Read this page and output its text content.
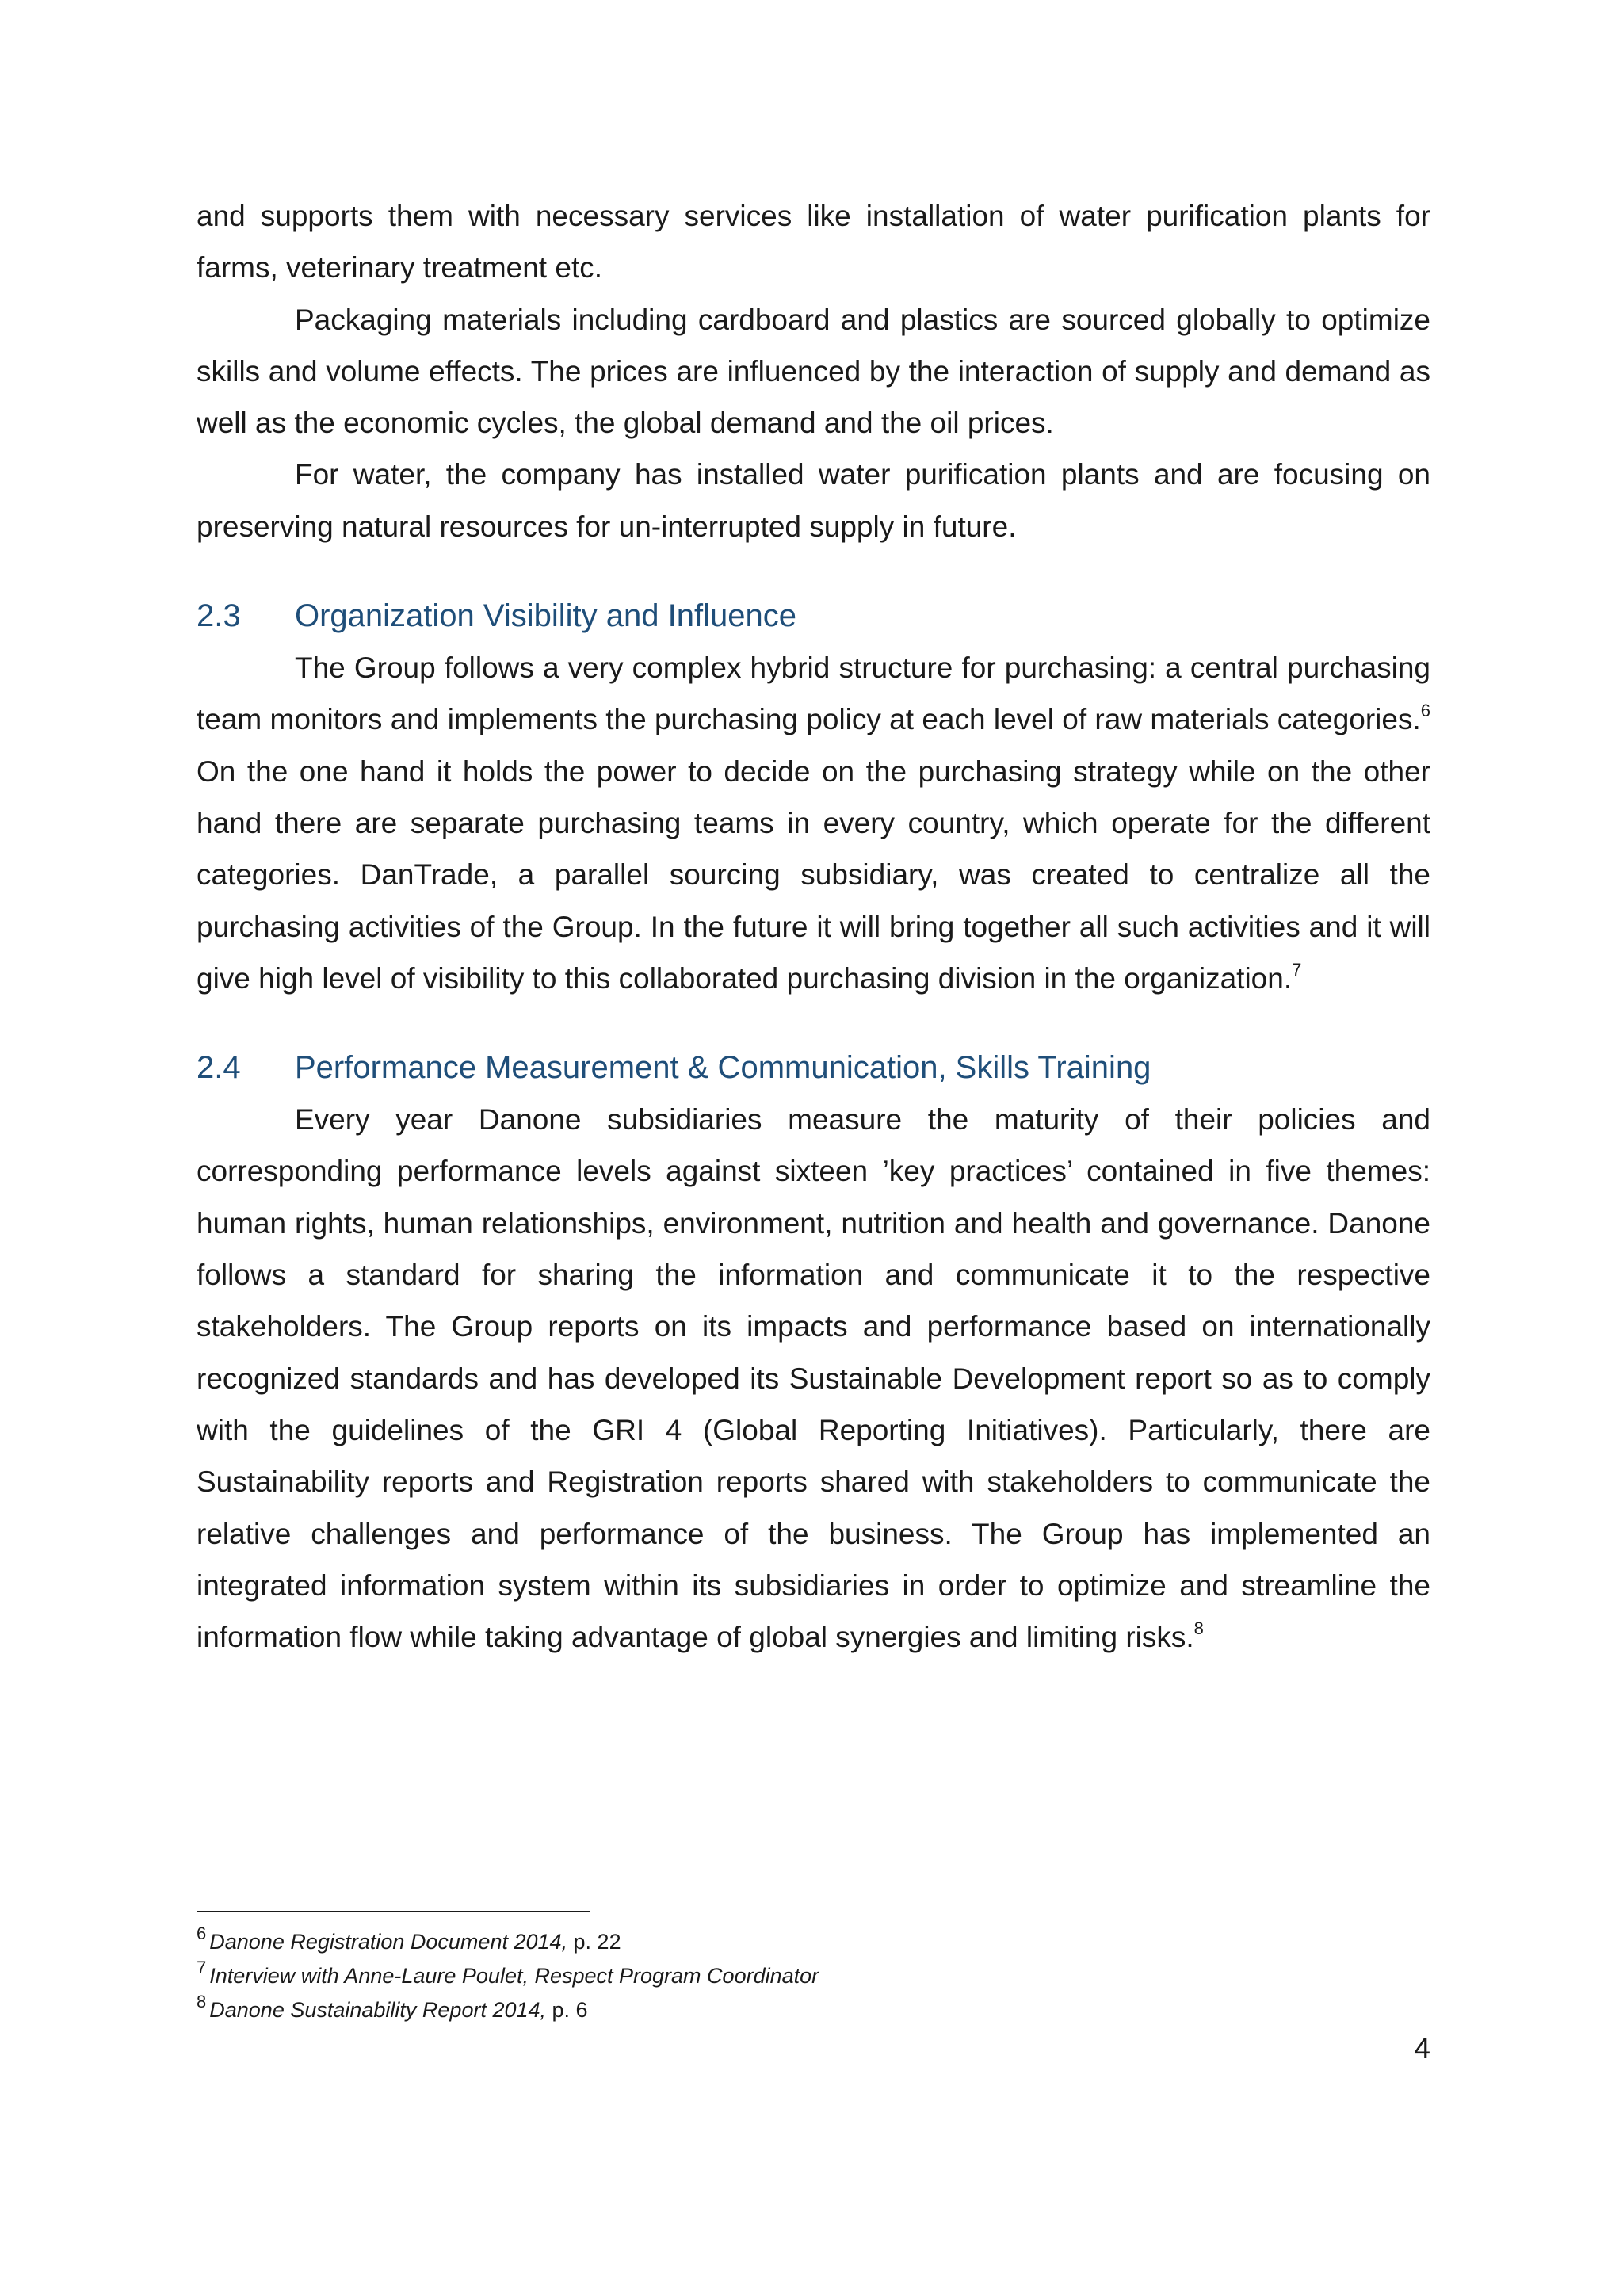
and supports them with necessary services like installation of water purification plants for farms, veterinary treatment etc.

Packaging materials including cardboard and plastics are sourced globally to optimize skills and volume effects. The prices are influenced by the interaction of supply and demand as well as the economic cycles, the global demand and the oil prices.

For water, the company has installed water purification plants and are focusing on preserving natural resources for un-interrupted supply in future.

2.3 Organization Visibility and Influence

The Group follows a very complex hybrid structure for purchasing: a central purchasing team monitors and implements the purchasing policy at each level of raw materials categories.$^6$ On the one hand it holds the power to decide on the purchasing strategy while on the other hand there are separate purchasing teams in every country, which operate for the different categories. DanTrade, a parallel sourcing subsidiary, was created to centralize all the purchasing activities of the Group. In the future it will bring together all such activities and it will give high level of visibility to this collaborated purchasing division in the organization.$^7$

2.4 Performance Measurement & Communication, Skills Training

Every year Danone subsidiaries measure the maturity of their policies and corresponding performance levels against sixteen ’key practices’ contained in five themes: human rights, human relationships, environment, nutrition and health and governance. Danone follows a standard for sharing the information and communicate it to the respective stakeholders. The Group reports on its impacts and performance based on internationally recognized standards and has developed its Sustainable Development report so as to comply with the guidelines of the GRI 4 (Global Reporting Initiatives). Particularly, there are Sustainability reports and Registration reports shared with stakeholders to communicate the relative challenges and performance of the business. The Group has implemented an integrated information system within its subsidiaries in order to optimize and streamline the information flow while taking advantage of global synergies and limiting risks.$^8$

$^6$ Danone Registration Document 2014, p. 22
$^7$ Interview with Anne-Laure Poulet, Respect Program Coordinator
$^8$ Danone Sustainability Report 2014, p. 6
4
